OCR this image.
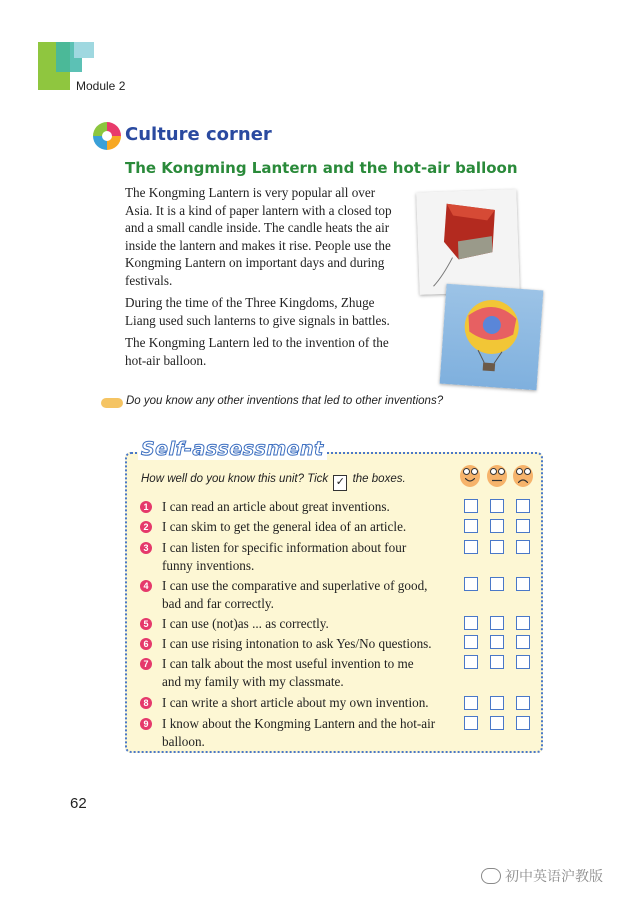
Module 2
Culture corner
The Kongming Lantern and the hot-air balloon
The Kongming Lantern is very popular all over
Asia. It is a kind of paper lantern with a closed top
and a small candle inside. The candle heats the air
inside the lantern and makes it rise. People use the
Kongming Lantern on important days and during
festivals.
During the time of the Three Kingdoms, Zhuge
Liang used such lanterns to give signals in battles.
The Kongming Lantern led to the invention of the
hot-air balloon.
Do you know any other inventions that led to other inventions?
Self-assessment
How well do you know this unit? Tick ✓ the boxes.
1 I can read an article about great inventions.
2 I can skim to get the general idea of an article.
3 I can listen for specific information about four
funny inventions.
4 I can use the comparative and superlative of good,
bad and far correctly.
5 I can use (not)as ... as correctly.
6 I can use rising intonation to ask Yes/No questions.
7 I can talk about the most useful invention to me
and my family with my classmate.
8 I can write a short article about my own invention.
9 I know about the Kongming Lantern and the hot-air
balloon.
62
初中英语沪教版
